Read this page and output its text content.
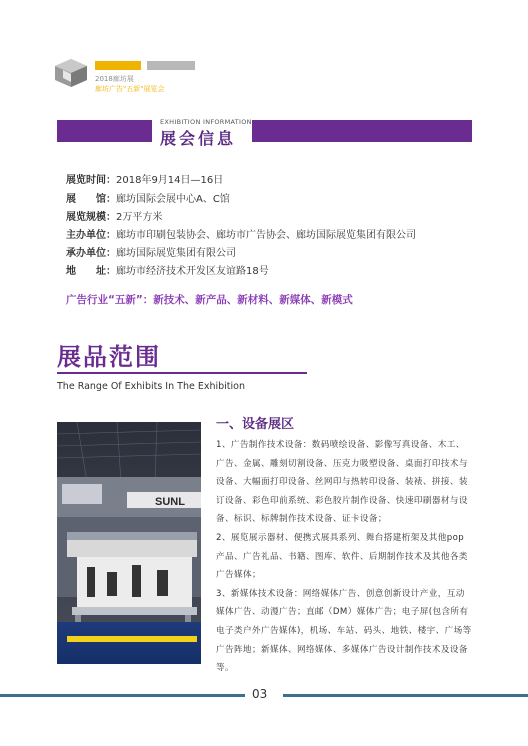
2018廊坊展
廊坊广告"五新"展览会
EXHIBITION INFORMATION
展会信息
展览时间：2018年9月14日—16日
展　　馆：廊坊国际会展中心A、C馆
展览规模：2万平方米
主办单位：廊坊市印刷包装协会、廊坊市广告协会、廊坊国际展览集团有限公司
承办单位：廊坊国际展览集团有限公司
地　　址：廊坊市经济技术开发区友谊路18号
广告行业“五新”：新技术、新产品、新材料、新媒体、新模式
展品范围
The Range Of Exhibits In The Exhibition
SUNL
一、设备展区
1、广告制作技术设备：数码喷绘设备、影像写真设备、木工、广告、金属、雕刻切割设备、压克力吸塑设备、桌面打印技术与设备、大幅面打印设备、丝网印与热转印设备、装裱、拼接、装订设备、彩色印前系统、彩色胶片制作设备、快速印刷器材与设备、标识、标牌制作技术设备、证卡设备；
2、展览展示器材、便携式展具系列、舞台搭建桁架及其他pop产品、广告礼品、书籍、图库、软件、后期制作技术及其他各类广告媒体；
3、新媒体技术设备：网络媒体广告、创意创新设计产业，互动媒体广告、动漫广告；直邮（DM）媒体广告；电子屏(包含所有电子类户外广告媒体)，机场、车站、码头、地铁、楼宇、广场等广告阵地；新媒体、网络媒体、多媒体广告设计制作技术及设备等。
03
